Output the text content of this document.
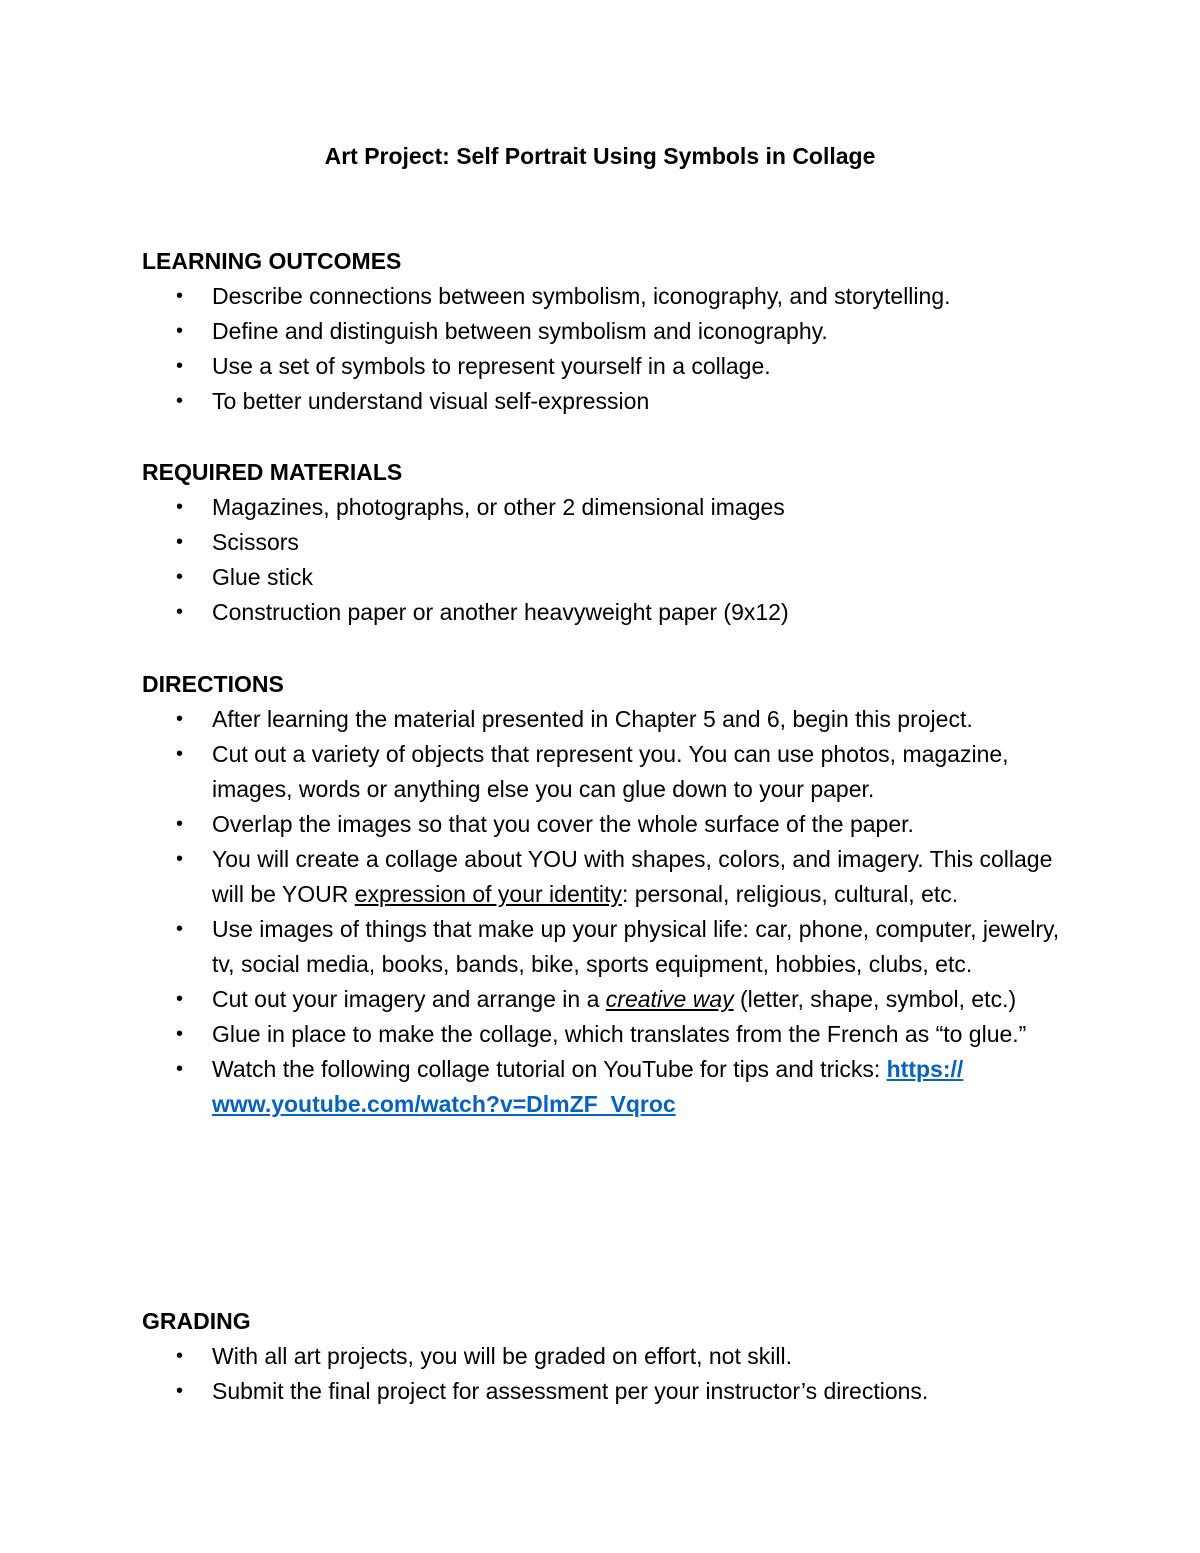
Art Project: Self Portrait Using Symbols in Collage
LEARNING OUTCOMES
• Describe connections between symbolism, iconography, and storytelling.
• Define and distinguish between symbolism and iconography.
• Use a set of symbols to represent yourself in a collage.
• To better understand visual self-expression
REQUIRED MATERIALS
• Magazines, photographs, or other 2 dimensional images
• Scissors
• Glue stick
• Construction paper or another heavyweight paper (9x12)
DIRECTIONS
• After learning the material presented in Chapter 5 and 6, begin this project.
• Cut out a variety of objects that represent you. You can use photos, magazine, images, words or anything else you can glue down to your paper.
• Overlap the images so that you cover the whole surface of the paper.
• You will create a collage about YOU with shapes, colors, and imagery. This collage will be YOUR expression of your identity: personal, religious, cultural, etc.
• Use images of things that make up your physical life: car, phone, computer, jewelry, tv, social media, books, bands, bike, sports equipment, hobbies, clubs, etc.
• Cut out your imagery and arrange in a creative way (letter, shape, symbol, etc.)
• Glue in place to make the collage, which translates from the French as “to glue.”
• Watch the following collage tutorial on YouTube for tips and tricks: https://
www.youtube.com/watch?v=DlmZF_Vqroc
GRADING
• With all art projects, you will be graded on effort, not skill.
• Submit the final project for assessment per your instructor’s directions.
